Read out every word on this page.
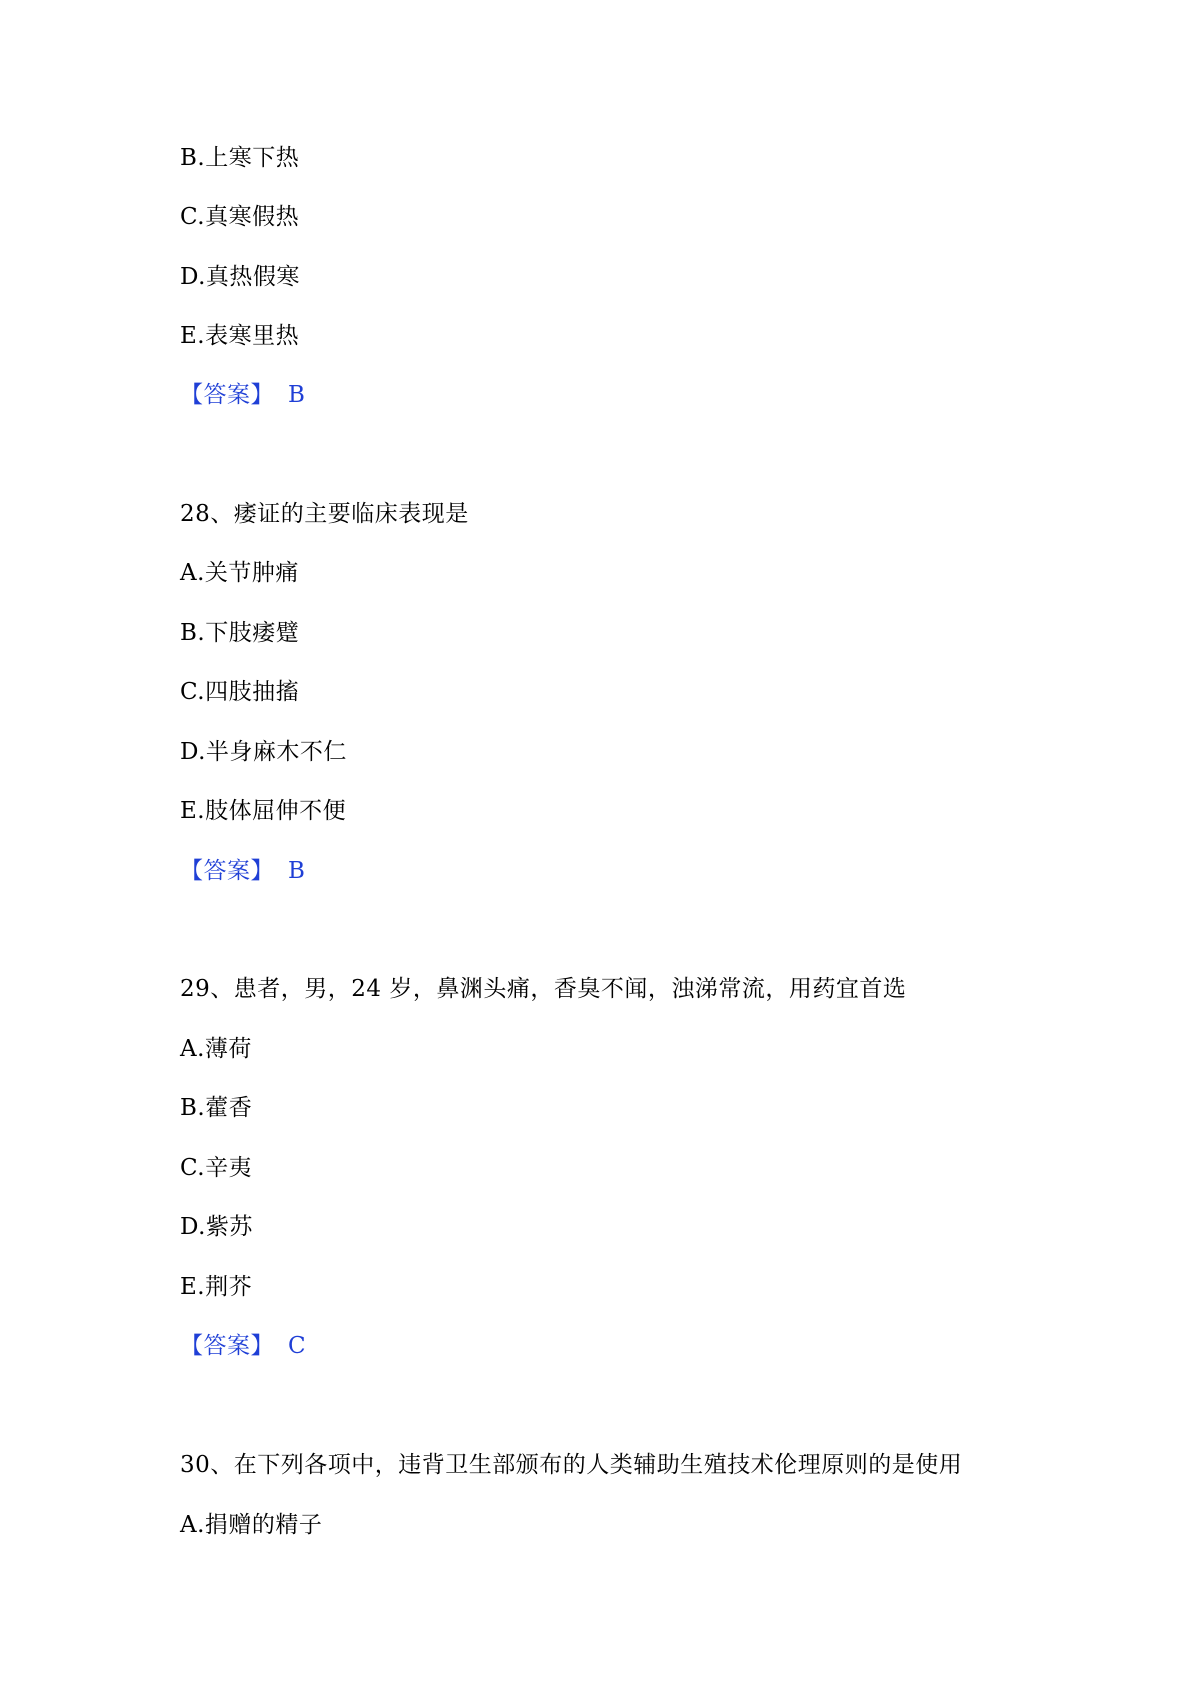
B.上寒下热
C.真寒假热
D.真热假寒
E.表寒里热
【答案】 B
28、痿证的主要临床表现是
A.关节肿痛
B.下肢痿躄
C.四肢抽搐
D.半身麻木不仁
E.肢体屈伸不便
【答案】 B
29、患者，男，24 岁，鼻渊头痛，香臭不闻，浊涕常流，用药宜首选
A.薄荷
B.藿香
C.辛夷
D.紫苏
E.荆芥
【答案】 C
30、在下列各项中，违背卫生部颁布的人类辅助生殖技术伦理原则的是使用
A.捐赠的精子
